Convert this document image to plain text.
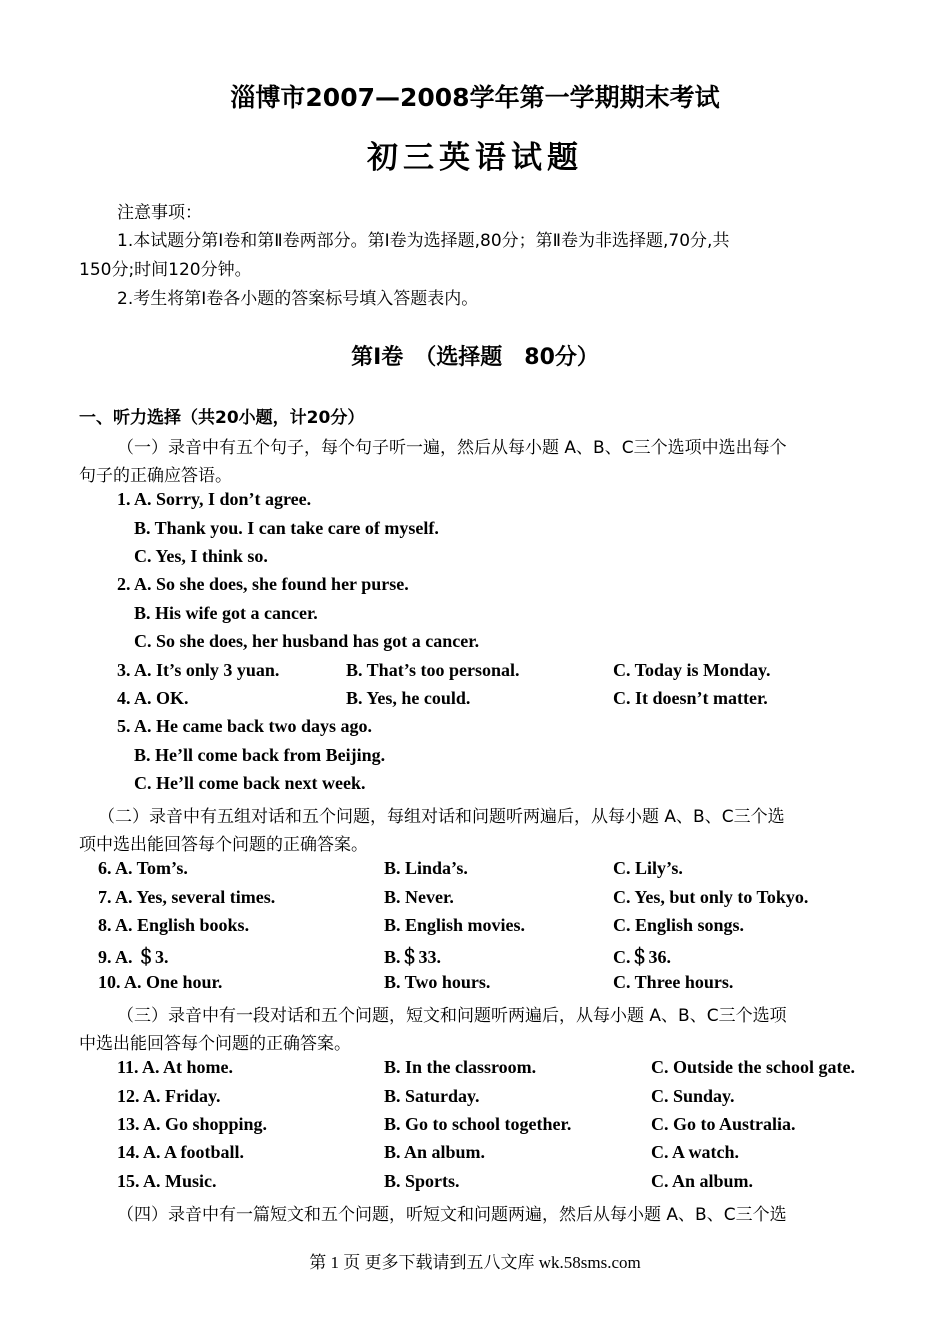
淄博市2007—2008学年第一学期期末考试
初三英语试题
注意事项：
1.本试题分第Ⅰ卷和第Ⅱ卷两部分。第Ⅰ卷为选择题,80分；第Ⅱ卷为非选择题,70分,共
150分;时间120分钟。
2.考生将第Ⅰ卷各小题的答案标号填入答题表内。
第Ⅰ卷　（选择题　80分）
一、听力选择（共20小题，计20分）
（一）录音中有五个句子，每个句子听一遍，然后从每小题 A、B、C三个选项中选出每个
句子的正确应答语。
1. A. Sorry, I don’t agree.
B. Thank you. I can take care of myself.
C. Yes, I think so.
2. A. So she does, she found her purse.
B. His wife got a cancer.
C. So she does, her husband has got a cancer.
3. A. It’s only 3 yuan.	B. That’s too personal.	C. Today is Monday.
4. A. OK.	B. Yes, he could.	C. It doesn’t matter.
5. A. He came back two days ago.
B. He’ll come back from Beijing.
C. He’ll come back next week.
（二）录音中有五组对话和五个问题，每组对话和问题听两遍后，从每小题 A、B、C三个选
项中选出能回答每个问题的正确答案。
6. A. Tom’s.	B. Linda’s.	C. Lily’s.
7. A. Yes, several times.	B. Never.	C. Yes, but only to Tokyo.
8. A. English books.	B. English movies.	C. English songs.
9. A. ＄3.	B.＄33.	C.＄36.
10. A. One hour.	B. Two hours.	C. Three hours.
（三）录音中有一段对话和五个问题，短文和问题听两遍后，从每小题 A、B、C三个选项
中选出能回答每个问题的正确答案。
11. A. At home.	B. In the classroom.	C. Outside the school gate.
12. A. Friday.	B. Saturday.	C. Sunday.
13. A. Go shopping.	B. Go to school together.	C. Go to Australia.
14. A. A football.	B. An album.	C. A watch.
15. A. Music.	B. Sports.	C. An album.
（四）录音中有一篇短文和五个问题，听短文和问题两遍，然后从每小题 A、B、C三个选
第 1 页 更多下载请到五八文库 wk.58sms.com
